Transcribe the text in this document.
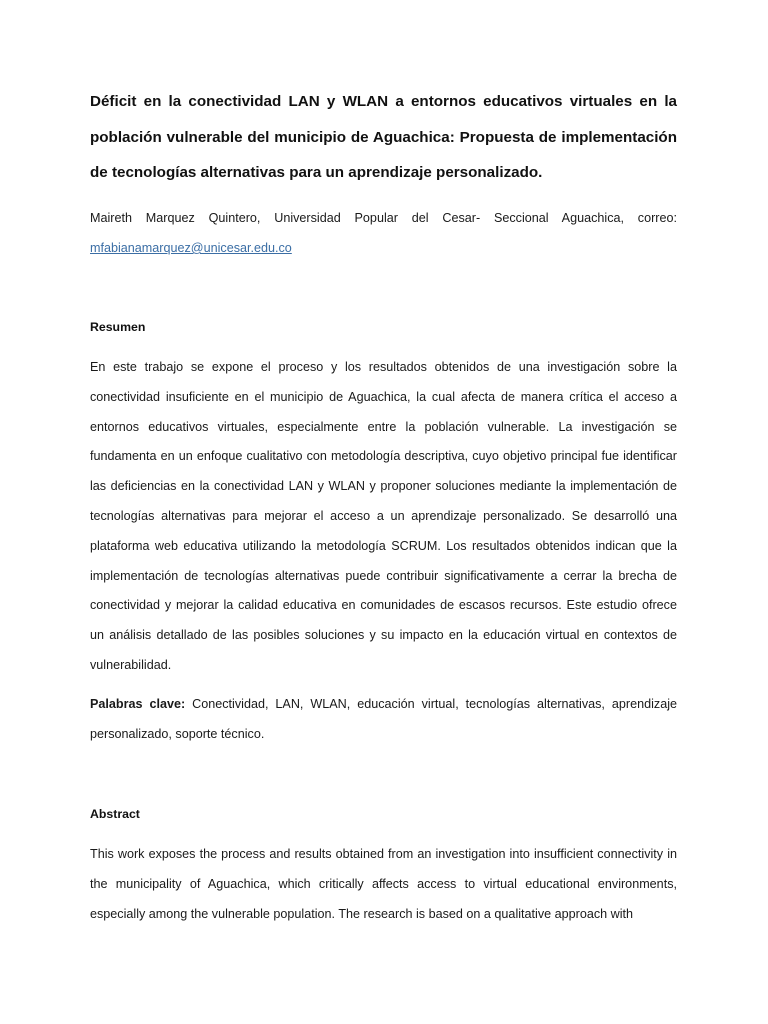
Déficit en la conectividad LAN y WLAN a entornos educativos virtuales en la población vulnerable del municipio de Aguachica: Propuesta de implementación de tecnologías alternativas para un aprendizaje personalizado.

Maireth Marquez Quintero, Universidad Popular del Cesar- Seccional Aguachica, correo: mfabianamarquez@unicesar.edu.co

Resumen

En este trabajo se expone el proceso y los resultados obtenidos de una investigación sobre la conectividad insuficiente en el municipio de Aguachica, la cual afecta de manera crítica el acceso a entornos educativos virtuales, especialmente entre la población vulnerable. La investigación se fundamenta en un enfoque cualitativo con metodología descriptiva, cuyo objetivo principal fue identificar las deficiencias en la conectividad LAN y WLAN y proponer soluciones mediante la implementación de tecnologías alternativas para mejorar el acceso a un aprendizaje personalizado. Se desarrolló una plataforma web educativa utilizando la metodología SCRUM. Los resultados obtenidos indican que la implementación de tecnologías alternativas puede contribuir significativamente a cerrar la brecha de conectividad y mejorar la calidad educativa en comunidades de escasos recursos. Este estudio ofrece un análisis detallado de las posibles soluciones y su impacto en la educación virtual en contextos de vulnerabilidad.

Palabras clave: Conectividad, LAN, WLAN, educación virtual, tecnologías alternativas, aprendizaje personalizado, soporte técnico.

Abstract

This work exposes the process and results obtained from an investigation into insufficient connectivity in the municipality of Aguachica, which critically affects access to virtual educational environments, especially among the vulnerable population. The research is based on a qualitative approach with
